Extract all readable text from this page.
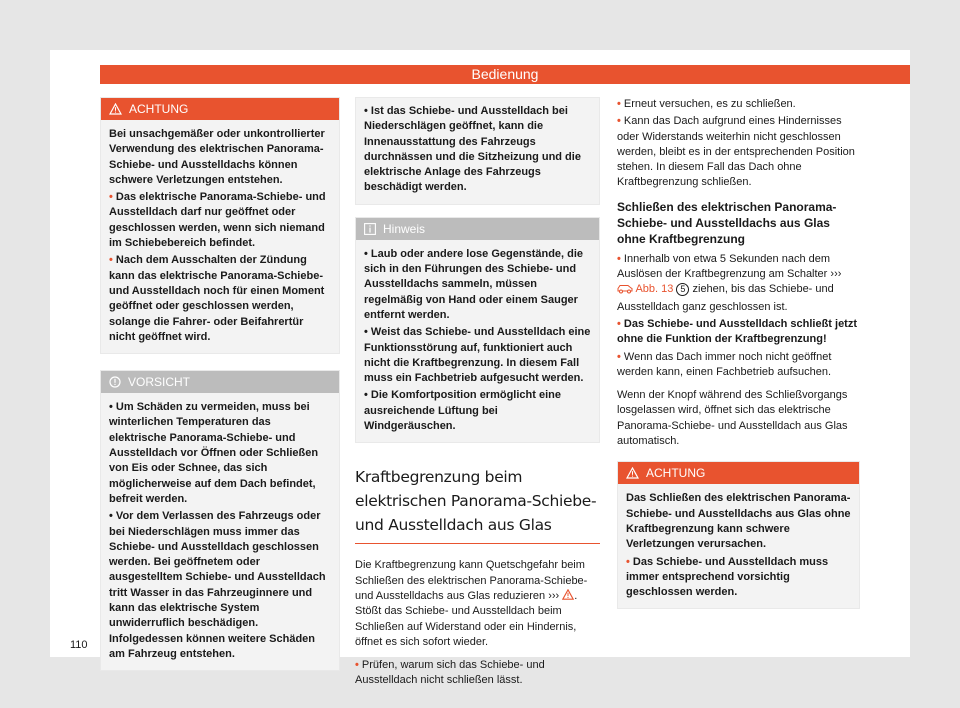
Bedienung
ACHTUNG

Bei unsachgemäßer oder unkontrollierter Verwendung des elektrischen Panorama-Schiebe- und Ausstelldachs können schwere Verletzungen entstehen.

• Das elektrische Panorama-Schiebe- und Ausstelldach darf nur geöffnet oder geschlossen werden, wenn sich niemand im Schiebebereich befindet.

• Nach dem Ausschalten der Zündung kann das elektrische Panorama-Schiebe- und Ausstelldach noch für einen Moment geöffnet oder geschlossen werden, solange die Fahrer- oder Beifahrertür nicht geöffnet wird.

VORSICHT

• Um Schäden zu vermeiden, muss bei winterlichen Temperaturen das elektrische Panorama-Schiebe- und Ausstelldach vor Öffnen oder Schließen von Eis oder Schnee, das sich möglicherweise auf dem Dach befindet, befreit werden.

• Vor dem Verlassen des Fahrzeugs oder bei Niederschlägen muss immer das Schiebe- und Ausstelldach geschlossen werden. Bei geöffnetem oder ausgestelltem Schiebe- und Ausstelldach tritt Wasser in das Fahrzeuginnere und kann das elektrische System unwiderruflich beschädigen. Infolgedessen können weitere Schäden am Fahrzeug entstehen.

110

• Ist das Schiebe- und Ausstelldach bei Niederschlägen geöffnet, kann die Innenausstattung des Fahrzeugs durchnässen und die Sitzheizung und die elektrische Anlage des Fahrzeugs beschädigt werden.

Hinweis

• Laub oder andere lose Gegenstände, die sich in den Führungen des Schiebe- und Ausstelldachs sammeln, müssen regelmäßig von Hand oder einem Sauger entfernt werden.

• Weist das Schiebe- und Ausstelldach eine Funktionsstörung auf, funktioniert auch nicht die Kraftbegrenzung. In diesem Fall muss ein Fachbetrieb aufgesucht werden.

• Die Komfortposition ermöglicht eine ausreichende Lüftung bei Windgeräuschen.

Kraftbegrenzung beim elektrischen Panorama-Schiebe- und Ausstelldach aus Glas

Die Kraftbegrenzung kann Quetschgefahr beim Schließen des elektrischen Panorama-Schiebe- und Ausstelldachs aus Glas reduzieren ››› . Stößt das Schiebe- und Ausstelldach beim Schließen auf Widerstand oder ein Hindernis, öffnet es sich sofort wieder.

• Prüfen, warum sich das Schiebe- und Ausstelldach nicht schließen lässt.

• Erneut versuchen, es zu schließen.

• Kann das Dach aufgrund eines Hindernisses oder Widerstands weiterhin nicht geschlossen werden, bleibt es in der entsprechenden Position stehen. In diesem Fall das Dach ohne Kraftbegrenzung schließen.

Schließen des elektrischen Panorama-Schiebe- und Ausstelldachs aus Glas ohne Kraftbegrenzung

• Innerhalb von etwa 5 Sekunden nach dem Auslösen der Kraftbegrenzung am Schalter ›››  Abb. 13 5 ziehen, bis das Schiebe- und Ausstelldach ganz geschlossen ist.

• Das Schiebe- und Ausstelldach schließt jetzt ohne die Funktion der Kraftbegrenzung!

• Wenn das Dach immer noch nicht geöffnet werden kann, einen Fachbetrieb aufsuchen.

Wenn der Knopf während des Schließvorgangs losgelassen wird, öffnet sich das elektrische Panorama-Schiebe- und Ausstelldach aus Glas automatisch.

ACHTUNG

Das Schließen des elektrischen Panorama-Schiebe- und Ausstelldachs aus Glas ohne Kraftbegrenzung kann schwere Verletzungen verursachen.

• Das Schiebe- und Ausstelldach muss immer entsprechend vorsichtig geschlossen werden.
